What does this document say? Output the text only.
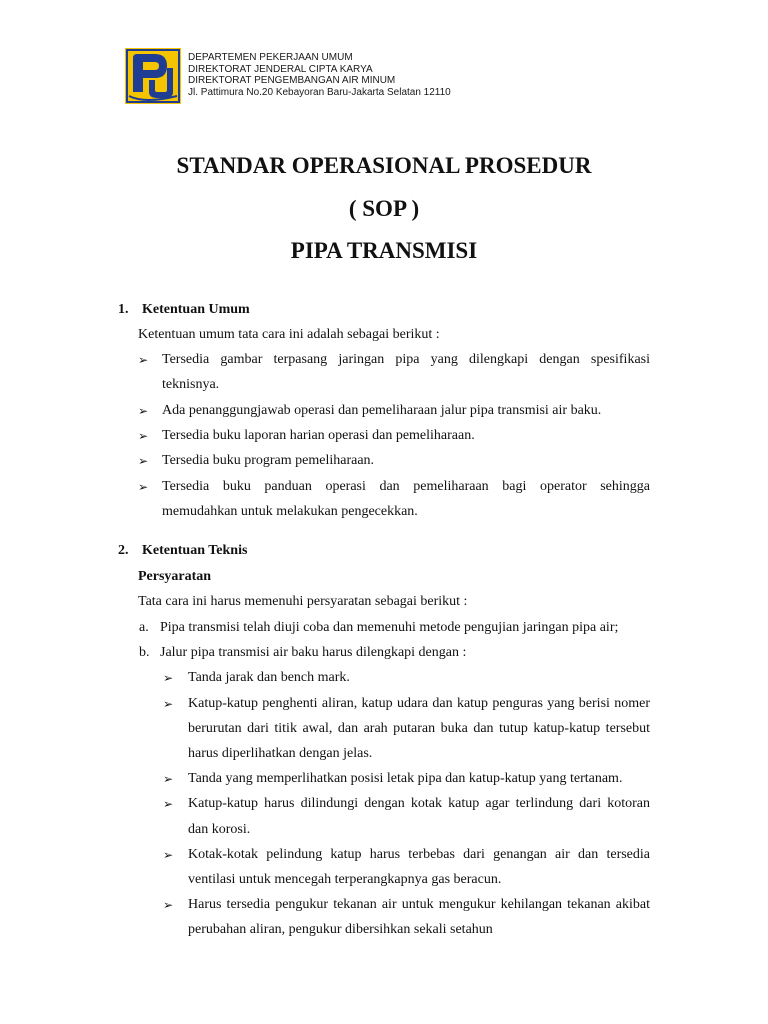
DEPARTEMEN PEKERJAAN UMUM
DIREKTORAT JENDERAL CIPTA KARYA
DIREKTORAT PENGEMBANGAN AIR MINUM
Jl. Pattimura No.20 Kebayoran Baru-Jakarta Selatan 12110
STANDAR OPERASIONAL PROSEDUR
( SOP )
PIPA TRANSMISI
1. Ketentuan Umum
Ketentuan umum tata cara ini adalah sebagai berikut :
➢ Tersedia gambar terpasang jaringan pipa yang dilengkapi dengan spesifikasi
teknisnya.
➢ Ada penanggungjawab operasi dan pemeliharaan jalur pipa transmisi air baku.
➢ Tersedia buku laporan harian operasi dan pemeliharaan.
➢ Tersedia buku program pemeliharaan.
➢ Tersedia buku panduan operasi dan pemeliharaan bagi operator sehingga
memudahkan untuk melakukan pengecekkan.
2. Ketentuan Teknis
Persyaratan
Tata cara ini harus memenuhi persyaratan sebagai berikut :
a. Pipa transmisi telah diuji coba dan memenuhi metode pengujian jaringan pipa air;
b. Jalur pipa transmisi air baku harus dilengkapi dengan :
➢ Tanda jarak dan bench mark.
➢ Katup-katup penghenti aliran, katup udara dan katup penguras yang berisi nomer
berurutan dari titik awal, dan arah putaran buka dan tutup katup-katup tersebut
harus diperlihatkan dengan jelas.
➢ Tanda yang memperlihatkan posisi letak pipa dan katup-katup yang tertanam.
➢ Katup-katup harus dilindungi dengan kotak katup agar terlindung dari kotoran
dan korosi.
➢ Kotak-kotak pelindung katup harus terbebas dari genangan air dan tersedia
ventilasi untuk mencegah terperangkapnya gas beracun.
➢ Harus tersedia pengukur tekanan air untuk mengukur kehilangan tekanan akibat
perubahan aliran, pengukur dibersihkan sekali setahun
